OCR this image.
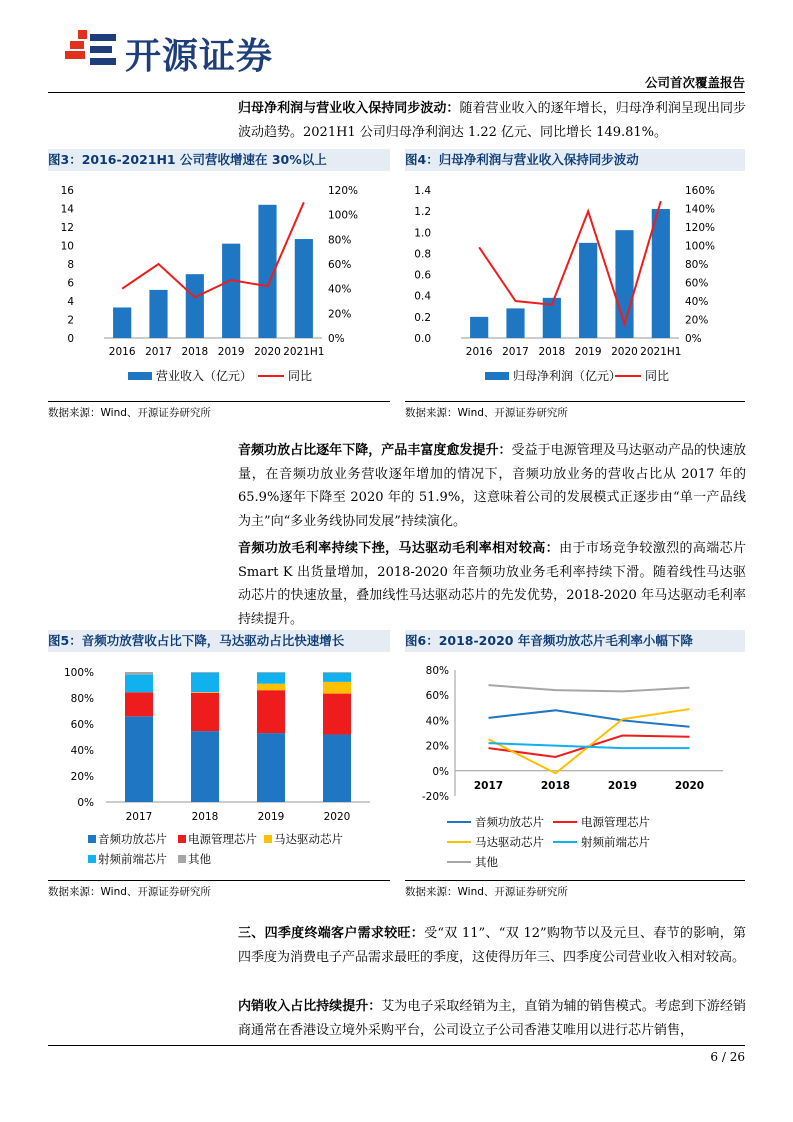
开源证券
公司首次覆盖报告
归母净利润与营业收入保持同步波动：随着营业收入的逐年增长，归母净利润呈现出同步波动趋势。2021H1 公司归母净利润达 1.22 亿元、同比增长 149.81%。
图3：2016-2021H1 公司营收增速在 30%以上	图4：归母净利润与营业收入保持同步波动
0
2
4
6
8
10
12
14
16
0%
20%
40%
60%
80%
100%
120%
2016 2017 2018 2019 2020 2021H1
营业收入（亿元）	同比
0.0
0.2
0.4
0.6
0.8
1.0
1.2
1.4
0%
20%
40%
60%
80%
100%
120%
140%
160%
2016 2017 2018 2019 2020 2021H1
归母净利润（亿元） 同比
数据来源：Wind、开源证券研究所	数据来源：Wind、开源证券研究所
音频功放占比逐年下降，产品丰富度愈发提升：受益于电源管理及马达驱动产品的快速放量，在音频功放业务营收逐年增加的情况下，音频功放业务的营收占比从 2017 年的 65.9%逐年下降至 2020 年的 51.9%，这意味着公司的发展模式正逐步由“单一产品线为主”向“多业务线协同发展”持续演化。
音频功放毛利率持续下挫，马达驱动毛利率相对较高：由于市场竞争较激烈的高端芯片 Smart K 出货量增加，2018-2020 年音频功放业务毛利率持续下滑。随着线性马达驱动芯片的快速放量，叠加线性马达驱动芯片的先发优势，2018-2020 年马达驱动毛利率持续提升。
图5：音频功放营收占比下降，马达驱动占比快速增长	图6：2018-2020 年音频功放芯片毛利率小幅下降
0%
20%
40%
60%
80%
100%
2017	2018	2019	2020
音频功放芯片 电源管理芯片 马达驱动芯片
射频前端芯片 其他
-20%
0%
20%
40%
60%
80%
2017	2018	2019	2020
音频功放芯片	电源管理芯片
马达驱动芯片	射频前端芯片
其他
数据来源：Wind、开源证券研究所	数据来源：Wind、开源证券研究所
三、四季度终端客户需求较旺：受“双 11”、“双 12”购物节以及元旦、春节的影响，第四季度为消费电子产品需求最旺的季度，这使得历年三、四季度公司营业收入相对较高。
内销收入占比持续提升：艾为电子采取经销为主，直销为辅的销售模式。考虑到下游经销商通常在香港设立境外采购平台，公司设立子公司香港艾唯用以进行芯片销售，
6 / 26
